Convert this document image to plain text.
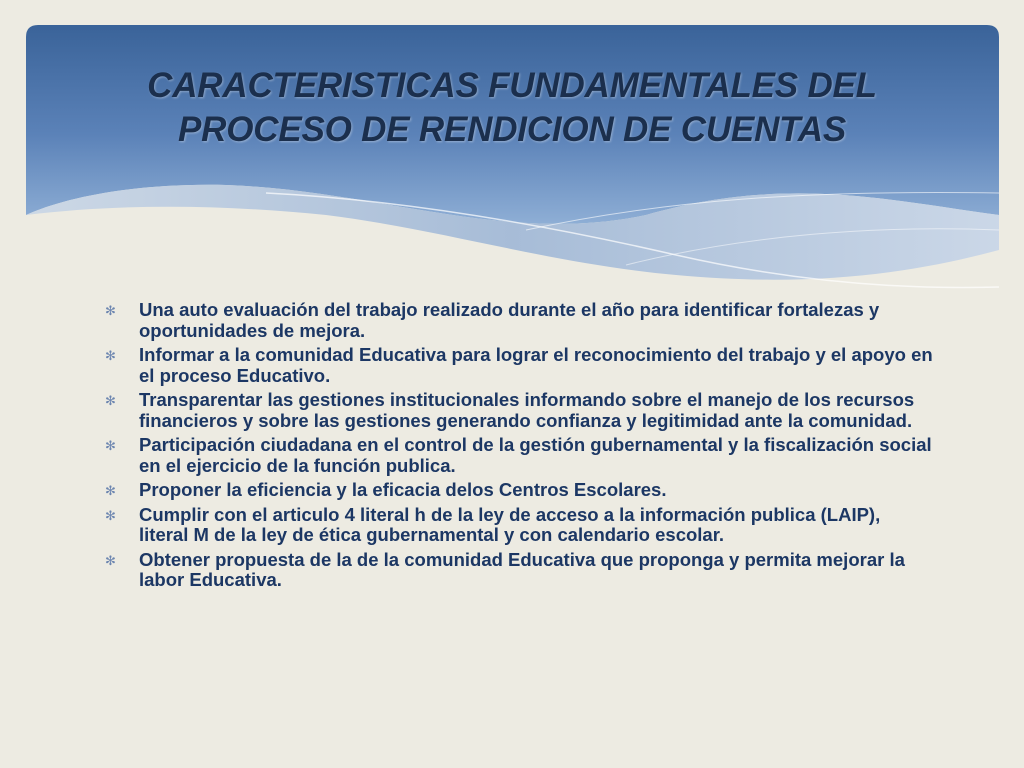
CARACTERISTICAS FUNDAMENTALES DEL
PROCESO DE RENDICION DE CUENTAS
✻ Una auto evaluación del trabajo realizado durante el año para identificar fortalezas y oportunidades de mejora.
✻ Informar a la comunidad Educativa para lograr el reconocimiento del trabajo y el apoyo en el proceso Educativo.
✻ Transparentar las gestiones institucionales informando sobre el manejo de los recursos financieros y sobre las gestiones generando confianza y legitimidad ante la comunidad.
✻ Participación ciudadana en el control de la gestión gubernamental y la fiscalización social en el ejercicio de la función publica.
✻ Proponer la eficiencia y la eficacia delos Centros Escolares.
✻ Cumplir con el articulo 4 literal h de la ley de acceso a la información publica (LAIP), literal M de la ley de ética gubernamental y con calendario escolar.
✻ Obtener propuesta de la de la comunidad Educativa que proponga y permita mejorar la labor Educativa.
